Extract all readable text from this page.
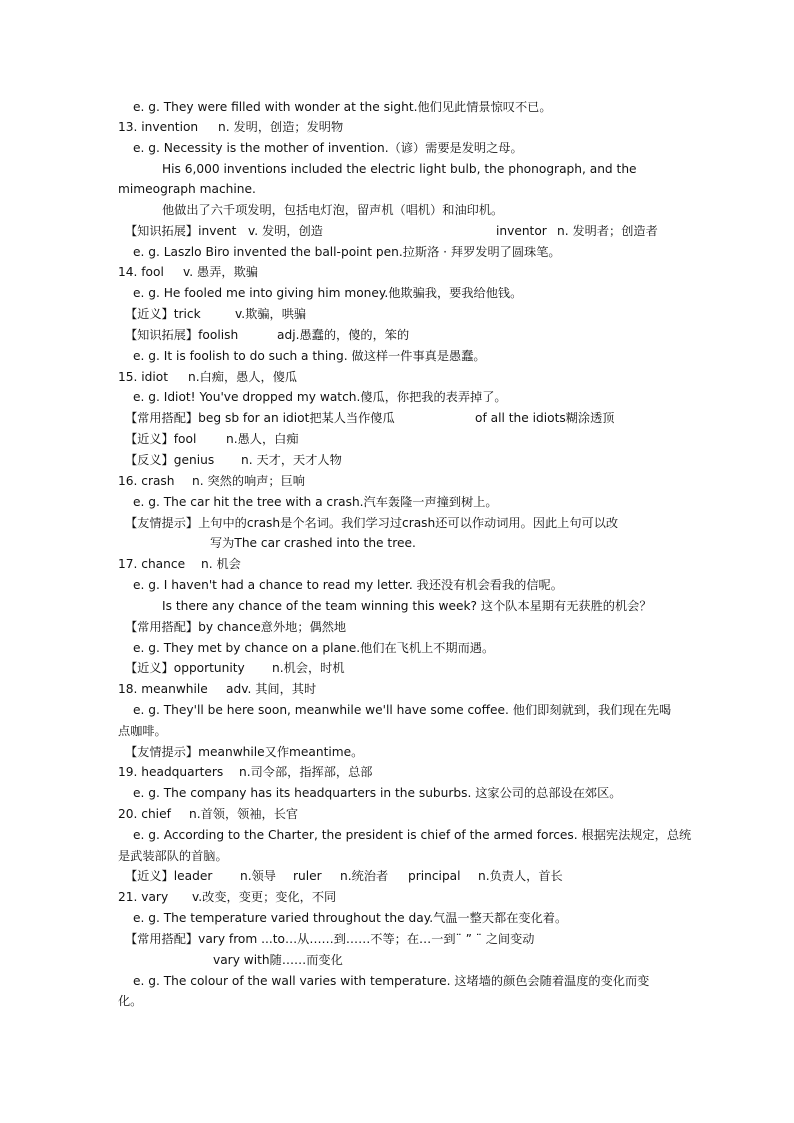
e. g. They were filled with wonder at the sight.他们见此情景惊叹不已。
13. invention n. 发明，创造；发明物
e. g. Necessity is the mother of invention.（谚）需要是发明之母。
His 6,000 inventions included the electric light bulb, the phonograph, and the
mimeograph machine.
他做出了六千项发明，包括电灯泡，留声机（唱机）和油印机。
【知识拓展】invent v. 发明，创造	inventor n. 发明者；创造者
e. g. Laszlo Biro invented the ball-point pen.拉斯洛 · 拜罗发明了圆珠笔。
14. fool v. 愚弄，欺骗
e. g. He fooled me into giving him money.他欺骗我，要我给他钱。
【近义】trick	v.欺骗，哄骗
【知识拓展】foolish	adj.愚蠢的，傻的，笨的
e. g. It is foolish to do such a thing. 做这样一件事真是愚蠢。
15. idiot n.白痴，愚人，傻瓜
e. g. Idiot! You've dropped my watch.傻瓜，你把我的表弄掉了。
【常用搭配】beg sb for an idiot把某人当作傻瓜	of all the idiots糊涂透顶
【近义】fool n.愚人，白痴
【反义】genius n. 天才，天才人物
16. crash n. 突然的响声；巨响
e. g. The car hit the tree with a crash.汽车轰隆一声撞到树上。
【友情提示】上句中的crash是个名词。我们学习过crash还可以作动词用。因此上句可以改
写为The car crashed into the tree.
17. chance n. 机会
e. g. I haven't had a chance to read my letter. 我还没有机会看我的信呢。
Is there any chance of the team winning this week? 这个队本星期有无获胜的机会？
【常用搭配】by chance意外地；偶然地
e. g. They met by chance on a plane.他们在飞机上不期而遇。
【近义】opportunity n.机会，时机
18. meanwhile adv. 其间，其时
e. g. They'll be here soon, meanwhile we'll have some coffee. 他们即刻就到，我们现在先喝
点咖啡。
【友情提示】meanwhile又作meantime。
19. headquarters n.司令部，指挥部，总部
e. g. The company has its headquarters in the suburbs. 这家公司的总部设在郊区。
20. chief n.首领，领袖，长官
e. g. According to the Charter, the president is chief of the armed forces. 根据宪法规定，总统
是武装部队的首脑。
【近义】leader n.领导 ruler n.统治者 principal n.负责人，首长
21. vary v.改变，变更；变化，不同
e. g. The temperature varied throughout the day.气温一整天都在变化着。
【常用搭配】vary from ...to…从……到……不等；在…一到¨ ” ¨ 之间变动
vary with随……而变化
e. g. The colour of the wall varies with temperature. 这堵墙的颜色会随着温度的变化而变
化。
